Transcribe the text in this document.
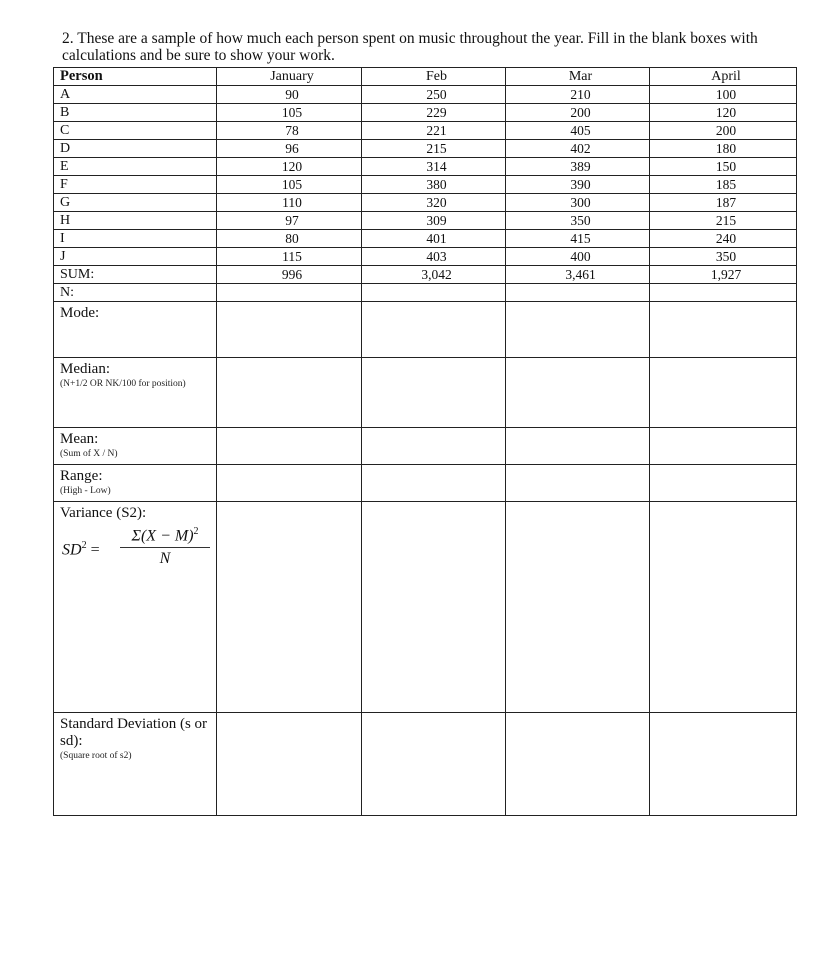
2. These are a sample of how much each person spent on music throughout the year. Fill in the blank boxes with calculations and be sure to show your work.
Person	January	Feb	Mar	April
A	90	250	210	100
B	105	229	200	120
C	78	221	405	200
D	96	215	402	180
E	120	314	389	150
F	105	380	390	185
G	110	320	300	187
H	97	309	350	215
I	80	401	415	240
J	115	403	400	350
SUM:	996	3,042	3,461	1,927
N:				

Mode:				

Median:
(N+1/2 OR NK/100 for position)				

Mean:
(Sum of X / N)				

Range:
(High - Low)				

Variance (S2):
$SD^2 = \frac{\Sigma(X - M)^2}{N}$

Standard Deviation (s or sd):
(Square root of s2)				
